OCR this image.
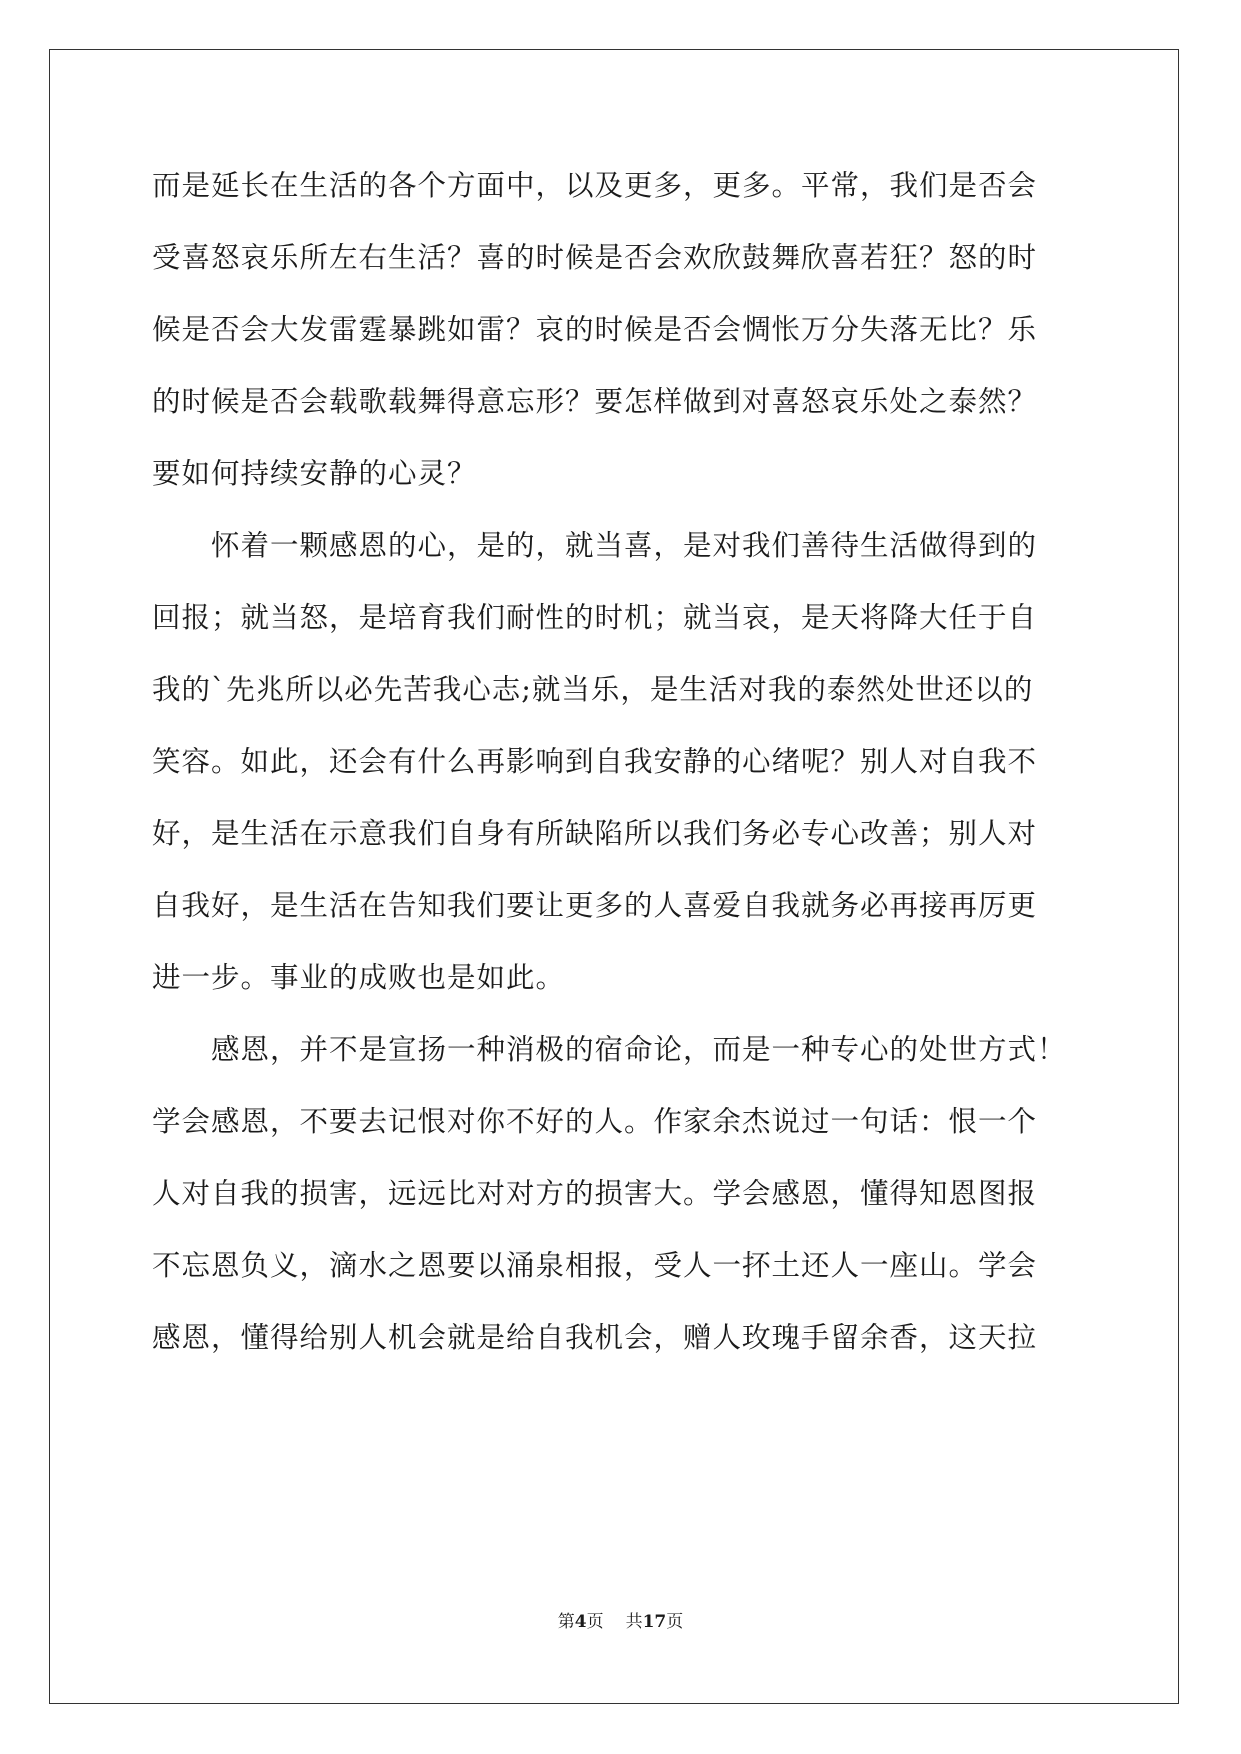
而是延长在生活的各个方面中，以及更多，更多。平常，我们是否会
受喜怒哀乐所左右生活？喜的时候是否会欢欣鼓舞欣喜若狂？怒的时
候是否会大发雷霆暴跳如雷？哀的时候是否会惆怅万分失落无比？乐
的时候是否会载歌载舞得意忘形？要怎样做到对喜怒哀乐处之泰然？
要如何持续安静的心灵？
　　怀着一颗感恩的心，是的，就当喜，是对我们善待生活做得到的
回报；就当怒，是培育我们耐性的时机；就当哀，是天将降大任于自
我的`先兆所以必先苦我心志;就当乐，是生活对我的泰然处世还以的
笑容。如此，还会有什么再影响到自我安静的心绪呢？别人对自我不
好，是生活在示意我们自身有所缺陷所以我们务必专心改善；别人对
自我好，是生活在告知我们要让更多的人喜爱自我就务必再接再厉更
进一步。事业的成败也是如此。
　　感恩，并不是宣扬一种消极的宿命论，而是一种专心的处世方式！
学会感恩，不要去记恨对你不好的人。作家余杰说过一句话：恨一个
人对自我的损害，远远比对对方的损害大。学会感恩，懂得知恩图报
不忘恩负义，滴水之恩要以涌泉相报，受人一抔土还人一座山。学会
感恩，懂得给别人机会就是给自我机会，赠人玫瑰手留余香，这天拉
第4页 共17页
